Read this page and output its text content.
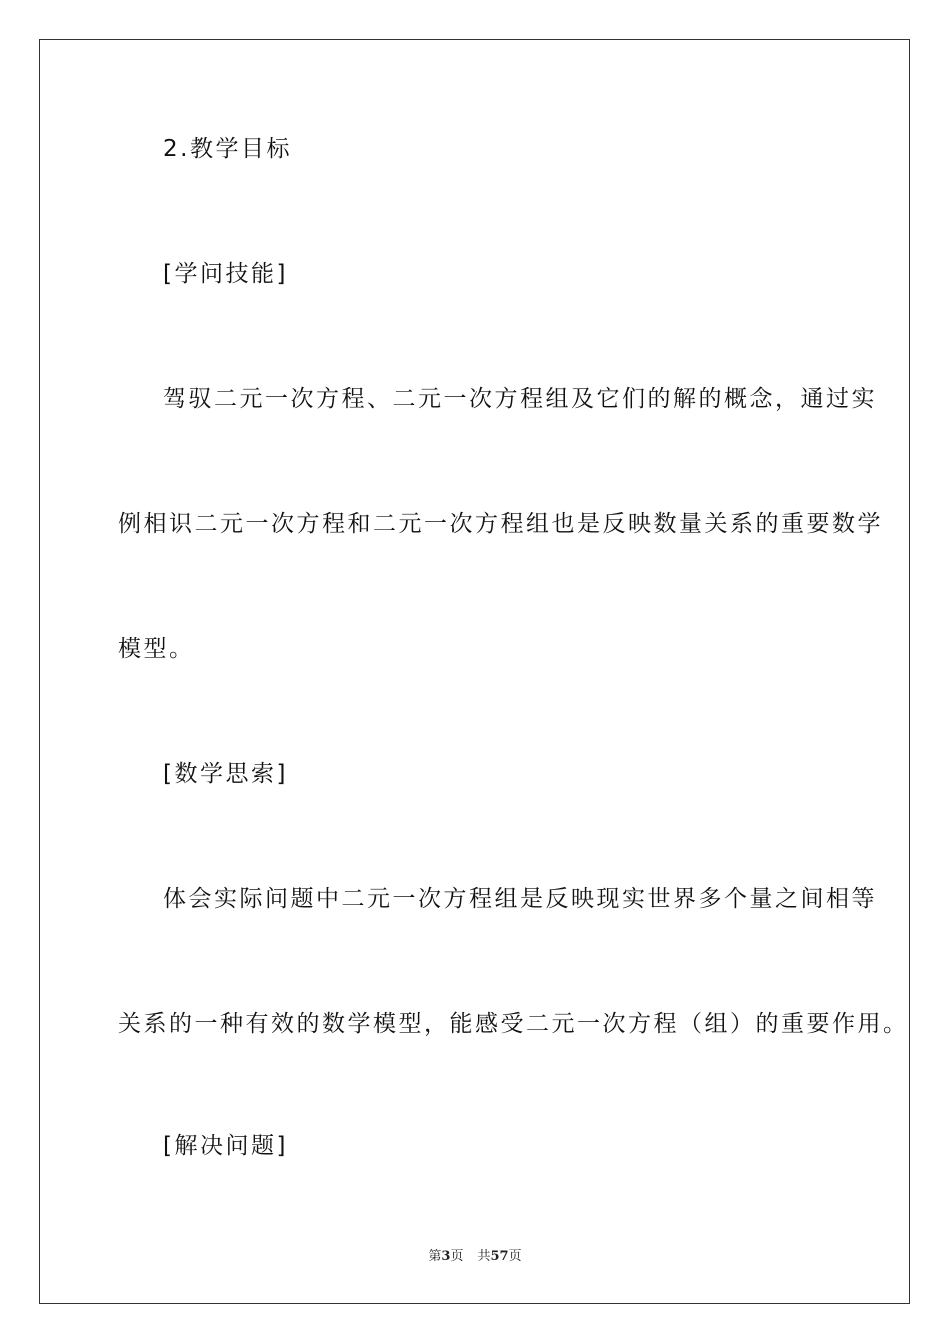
2.教学目标
[学问技能]
驾驭二元一次方程、二元一次方程组及它们的解的概念，通过实
例相识二元一次方程和二元一次方程组也是反映数量关系的重要数学
模型。
[数学思索]
体会实际问题中二元一次方程组是反映现实世界多个量之间相等
关系的一种有效的数学模型，能感受二元一次方程（组）的重要作用。
[解决问题]
第3页 共57页
